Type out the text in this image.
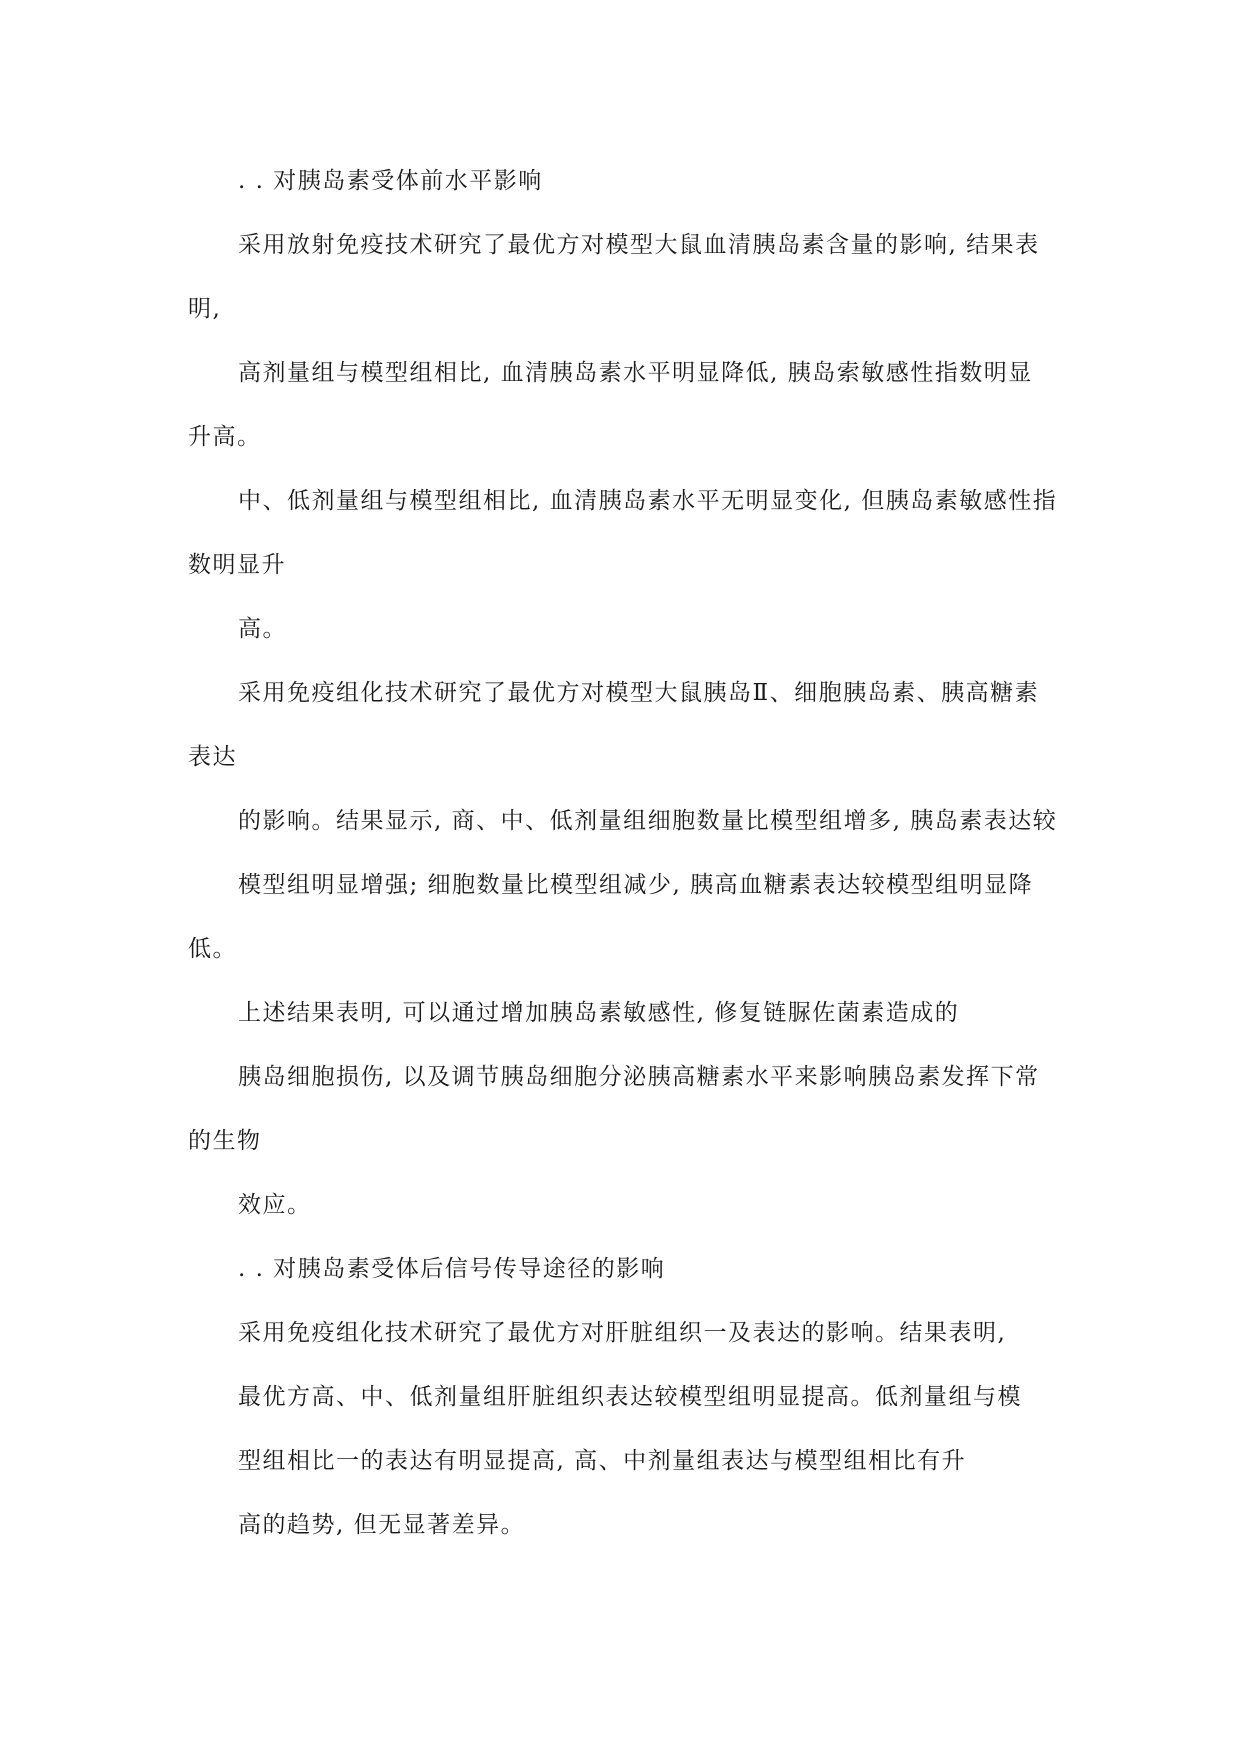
. . 对胰岛素受体前水平影响

采用放射免疫技术研究了最优方对模型大鼠血清胰岛素含量的影响, 结果表

明,

高剂量组与模型组相比, 血清胰岛素水平明显降低, 胰岛索敏感性指数明显

升高。

中、低剂量组与模型组相比, 血清胰岛素水平无明显变化, 但胰岛素敏感性指

数明显升

高。

采用免疫组化技术研究了最优方对模型大鼠胰岛Ⅱ、细胞胰岛素、胰高糖素

表达

的影响。结果显示, 商、中、低剂量组细胞数量比模型组增多, 胰岛素表达较

模型组明显增强; 细胞数量比模型组减少, 胰高血糖素表达较模型组明显降

低。

上述结果表明, 可以通过增加胰岛素敏感性, 修复链脲佐菌素造成的

胰岛细胞损伤, 以及调节胰岛细胞分泌胰高糖素水平来影响胰岛素发挥下常

的生物

效应。

. . 对胰岛素受体后信号传导途径的影响

采用免疫组化技术研究了最优方对肝脏组织一及表达的影响。结果表明,

最优方高、中、低剂量组肝脏组织表达较模型组明显提高。低剂量组与模

型组相比一的表达有明显提高, 高、中剂量组表达与模型组相比有升

高的趋势, 但无显著差异。
